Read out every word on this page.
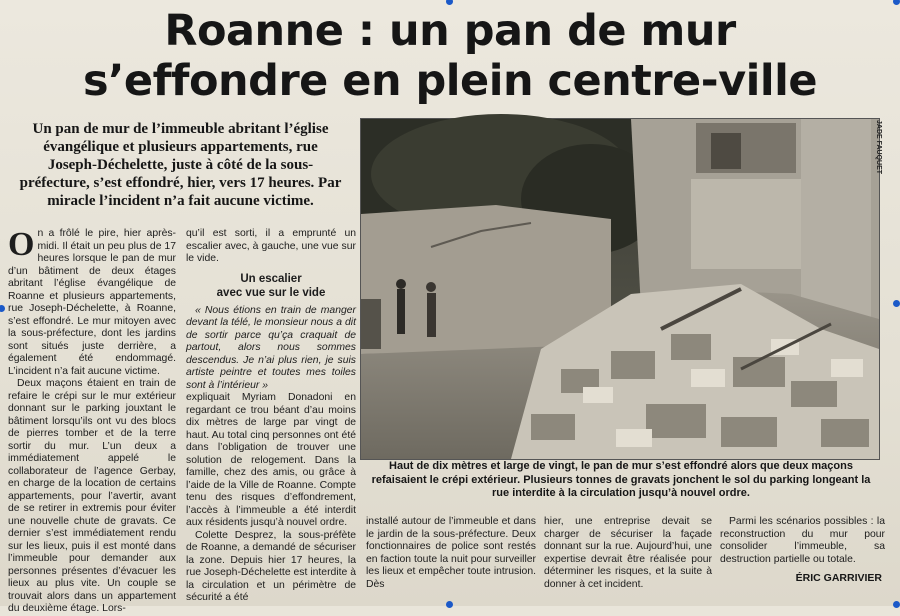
Roanne : un pan de mur
s’effondre en plein centre-ville

Un pan de mur de l’immeuble abritant l’église évangélique et plusieurs appartements, rue Joseph-Déchelette, juste à côté de la sous-préfecture, s’est effondré, hier, vers 17 heures. Par miracle l’incident n’a fait aucune victime.

On a frôlé le pire, hier après-midi. Il était un peu plus de 17 heures lorsque le pan de mur d’un bâtiment de deux étages abritant l’église évangélique de Roanne et plusieurs appartements, rue Joseph-Déchelette, à Roanne, s’est effondré. Le mur mitoyen avec la sous-préfecture, dont les jardins sont situés juste derrière, a également été endommagé. L’incident n’a fait aucune victime.

Deux maçons étaient en train de refaire le crépi sur le mur extérieur donnant sur le parking jouxtant le bâtiment lorsqu’ils ont vu des blocs de pierres tomber et de la terre sortir du mur. L’un deux a immédiatement appelé le collaborateur de l’agence Gerbay, en charge de la location de certains appartements, pour l’avertir, avant de se retirer in extremis pour éviter une nouvelle chute de gravats. Ce dernier s’est immédiatement rendu sur les lieux, puis il est monté dans l’immeuble pour demander aux personnes présentes d’évacuer les lieux au plus vite. Un couple se trouvait alors dans un appartement du deuxième étage. Lors-

qu’il est sorti, il a emprunté un escalier avec, à gauche, une vue sur le vide.

Un escalier
avec vue sur le vide

« Nous étions en train de manger devant la télé, le monsieur nous a dit de sortir parce qu’ça craquait de partout, alors nous sommes descendus. Je n’ai plus rien, je suis artiste peintre et toutes mes toiles sont à l’intérieur »

expliquait Myriam Donadoni en regardant ce trou béant d’au moins dix mètres de large par vingt de haut. Au total cinq personnes ont été dans l’obligation de trouver une solution de relogement. Dans la famille, chez des amis, ou grâce à l’aide de la Ville de Roanne. Compte tenu des risques d’effondrement, l’accès à l’immeuble a été interdit aux résidents jusqu’à nouvel ordre.

Colette Desprez, la sous-préfète de Roanne, a demandé de sécuriser la zone. Depuis hier 17 heures, la rue Joseph-Déchelette est interdite à la circulation et un périmètre de sécurité a été

JADE FAUQUET

Haut de dix mètres et large de vingt, le pan de mur s’est effondré alors que deux maçons refaisaient le crépi extérieur. Plusieurs tonnes de gravats jonchent le sol du parking longeant la rue interdite à la circulation jusqu’à nouvel ordre.

installé autour de l’immeuble et dans le jardin de la sous-préfecture. Deux fonctionnaires de police sont restés en faction toute la nuit pour surveiller les lieux et empêcher toute intrusion. Dès

hier, une entreprise devait se charger de sécuriser la façade donnant sur la rue. Aujourd’hui, une expertise devrait être réalisée pour déterminer les risques, et la suite à donner à cet incident.

Parmi les scénarios possibles : la reconstruction du mur pour consolider l’immeuble, sa destruction partielle ou totale.

ÉRIC GARRIVIER
